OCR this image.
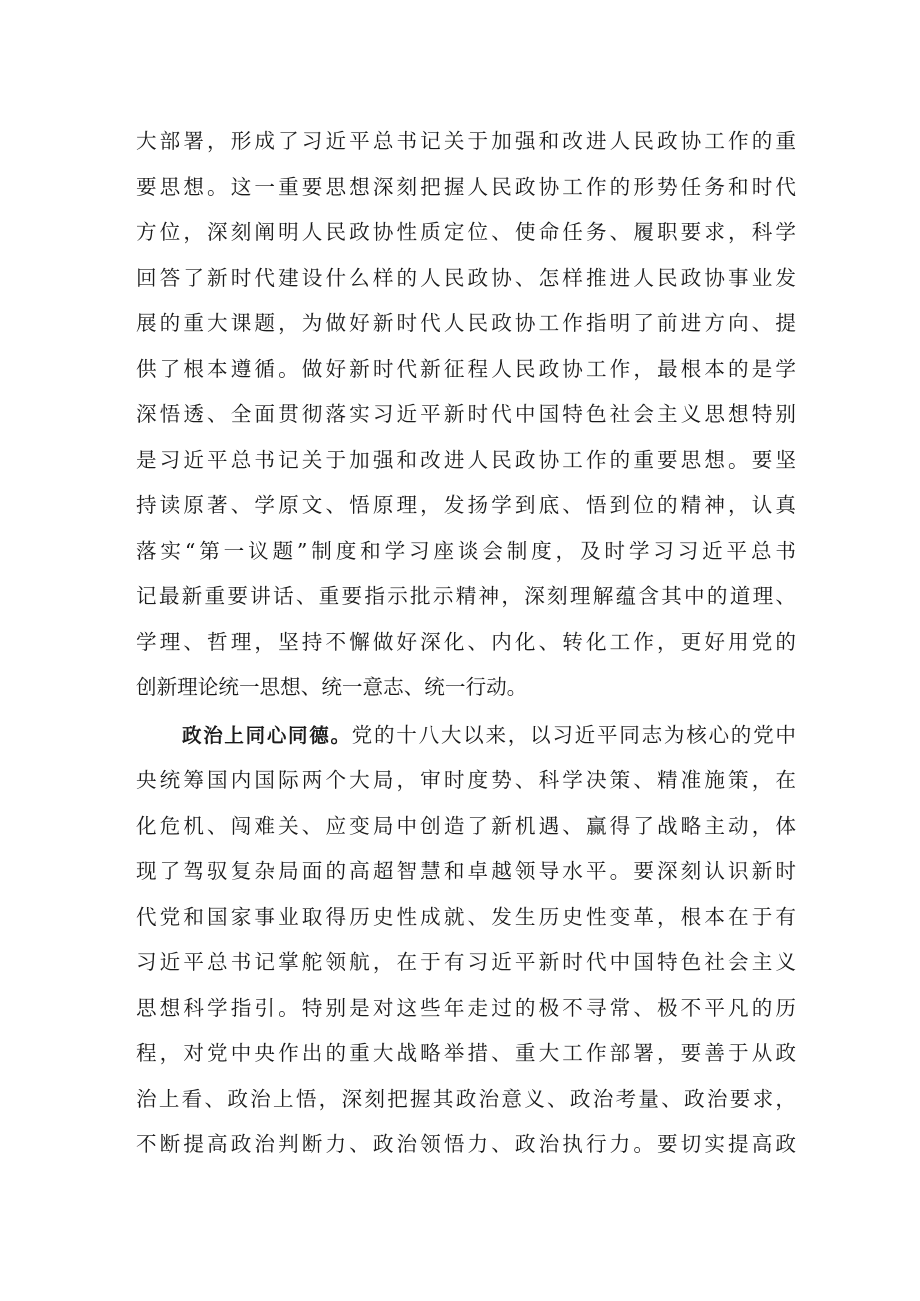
大部署，形成了习近平总书记关于加强和改进人民政协工作的重
要思想。这一重要思想深刻把握人民政协工作的形势任务和时代
方位，深刻阐明人民政协性质定位、使命任务、履职要求，科学
回答了新时代建设什么样的人民政协、怎样推进人民政协事业发
展的重大课题，为做好新时代人民政协工作指明了前进方向、提
供了根本遵循。做好新时代新征程人民政协工作，最根本的是学
深悟透、全面贯彻落实习近平新时代中国特色社会主义思想特别
是习近平总书记关于加强和改进人民政协工作的重要思想。要坚
持读原著、学原文、悟原理，发扬学到底、悟到位的精神，认真
落实“第一议题”制度和学习座谈会制度，及时学习习近平总书
记最新重要讲话、重要指示批示精神，深刻理解蕴含其中的道理、
学理、哲理，坚持不懈做好深化、内化、转化工作，更好用党的
创新理论统一思想、统一意志、统一行动。
政治上同心同德。党的十八大以来，以习近平同志为核心的党中
央统筹国内国际两个大局，审时度势、科学决策、精准施策，在
化危机、闯难关、应变局中创造了新机遇、赢得了战略主动，体
现了驾驭复杂局面的高超智慧和卓越领导水平。要深刻认识新时
代党和国家事业取得历史性成就、发生历史性变革，根本在于有
习近平总书记掌舵领航，在于有习近平新时代中国特色社会主义
思想科学指引。特别是对这些年走过的极不寻常、极不平凡的历
程，对党中央作出的重大战略举措、重大工作部署，要善于从政
治上看、政治上悟，深刻把握其政治意义、政治考量、政治要求，
不断提高政治判断力、政治领悟力、政治执行力。要切实提高政
